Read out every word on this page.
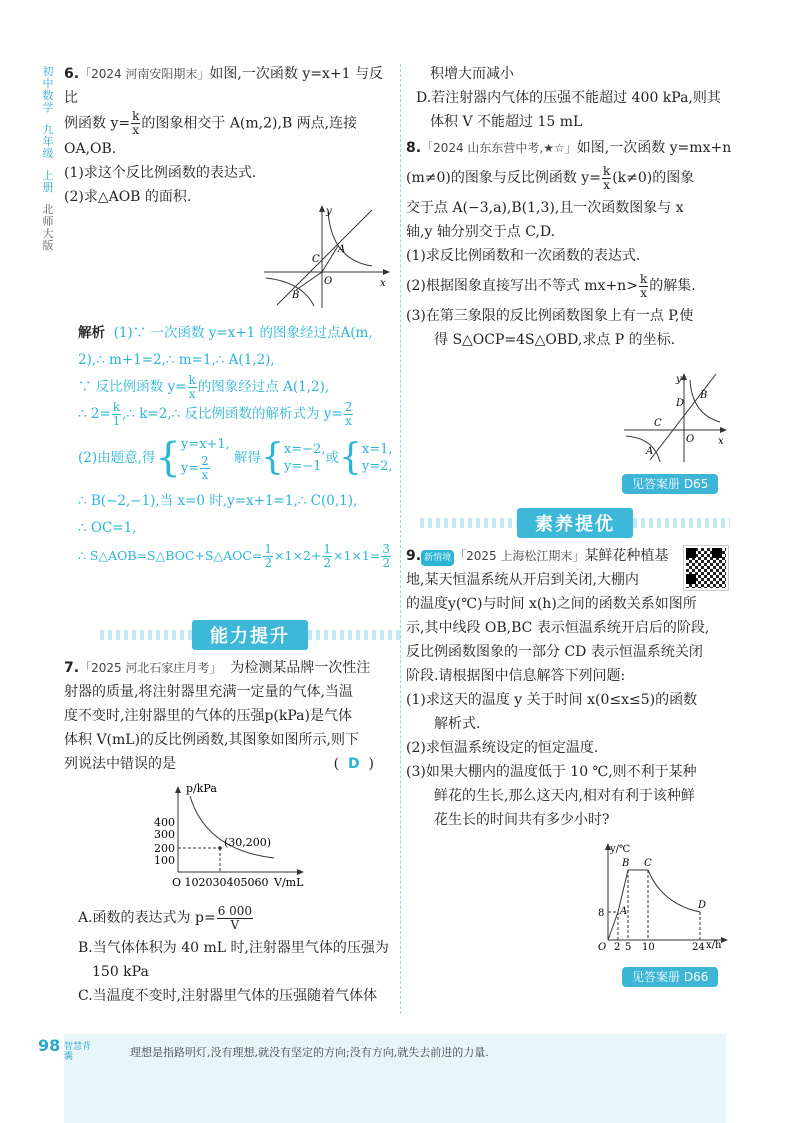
初中数学
九年级
上册
北师大版

6.「2024 河南安阳期末」如图,一次函数 y=x+1 与反比

例函数 $y= \frac{k}{x}$ 的图象相交于 A(m,2),B 两点,连接

OA,OB.

(1)求这个反比例函数的表达式.

(2)求△AOB 的面积.

y
x
A
B
C
O

解析 (1)∵ 一次函数 y=x+1 的图象经过点A(m,

2),∴ m+1=2,∴ m=1,∴ A(1,2),

∵ 反比例函数 $y= \frac{k}{x}$ 的图象经过点 A(1,2),

∴ $2= \frac{k}{1}$ ,∴ k=2,∴ 反比例函数的解析式为 $y= \frac{2}{x}$

(2)由题意,得 { y=x+1,
$y= \frac{2}{x}$
解得 { x=−2,
y=−1
或 { x=1,
y=2,

∴ B(−2,−1),当 x=0 时,y=x+1=1,∴ C(0,1),

∴ OC=1,

∴ S△AOB=S△BOC+S△AOC= $\frac{1}{2} \times 1\times 2+ \frac{1}{2} \times 1\times 1= \frac{3}{2}$

能力提升

7.「2025 河北石家庄月考」 为检测某品牌一次性注

射器的质量,将注射器里充满一定量的气体,当温

度不变时,注射器里的气体的压强p(kPa)是气体

体积 V(mL)的反比例函数,其图象如图所示,则下

列说法中错误的是	( D )

p/kPa
400
300
200
100
(30,200)
O 102030405060 V/mL

A.函数的表达式为 $p= \frac{6 000}{V}$

B.当气体体积为 40 mL 时,注射器里气体的压强为

150 kPa

C.当温度不变时,注射器里气体的压强随着气体体

积增大而减小

D.若注射器内气体的压强不能超过 400 kPa,则其

体积 V 不能超过 15 mL

8.「2024 山东东营中考,★☆」如图,一次函数 y=mx+n

(m≠0)的图象与反比例函数 $y= \frac{k}{x} (k\ne 0)$的图象

交于点 A(−3,a),B(1,3),且一次函数图象与 x

轴,y 轴分别交于点 C,D.

(1)求反比例函数和一次函数的表达式.

(2)根据图象直接写出不等式 $mx+n> \frac{k}{x}$ 的解集.

(3)在第三象限的反比例函数图象上有一点 P,使

得 S△OCP=4S△OBD,求点 P 的坐标.

y
x
B
D
C
O
A
见答案册 D65
素养提优

9. 新情境 「2025 上海松江期末」某鲜花种植基

地,某天恒温系统从开启到关闭,大棚内

的温度y(℃)与时间 x(h)之间的函数关系如图所

示,其中线段 OB,BC 表示恒温系统开启后的阶段,

反比例函数图象的一部分 CD 表示恒温系统关闭

阶段.请根据图中信息解答下列问题:

(1)求这天的温度 y 关于时间 x(0≤x≤5)的函数

解析式.

(2)求恒温系统设定的恒定温度.

(3)如果大棚内的温度低于 10 ℃,则不利于某种

鲜花的生长,那么这天内,相对有利于该种鲜

花生长的时间共有多少小时?

y/℃
x/h
8
O 2 5 10	24
A
B C
D
见答案册 D66
98 智慧背囊	理想是指路明灯,没有理想,就没有坚定的方向;没有方向,就失去前进的力量.
